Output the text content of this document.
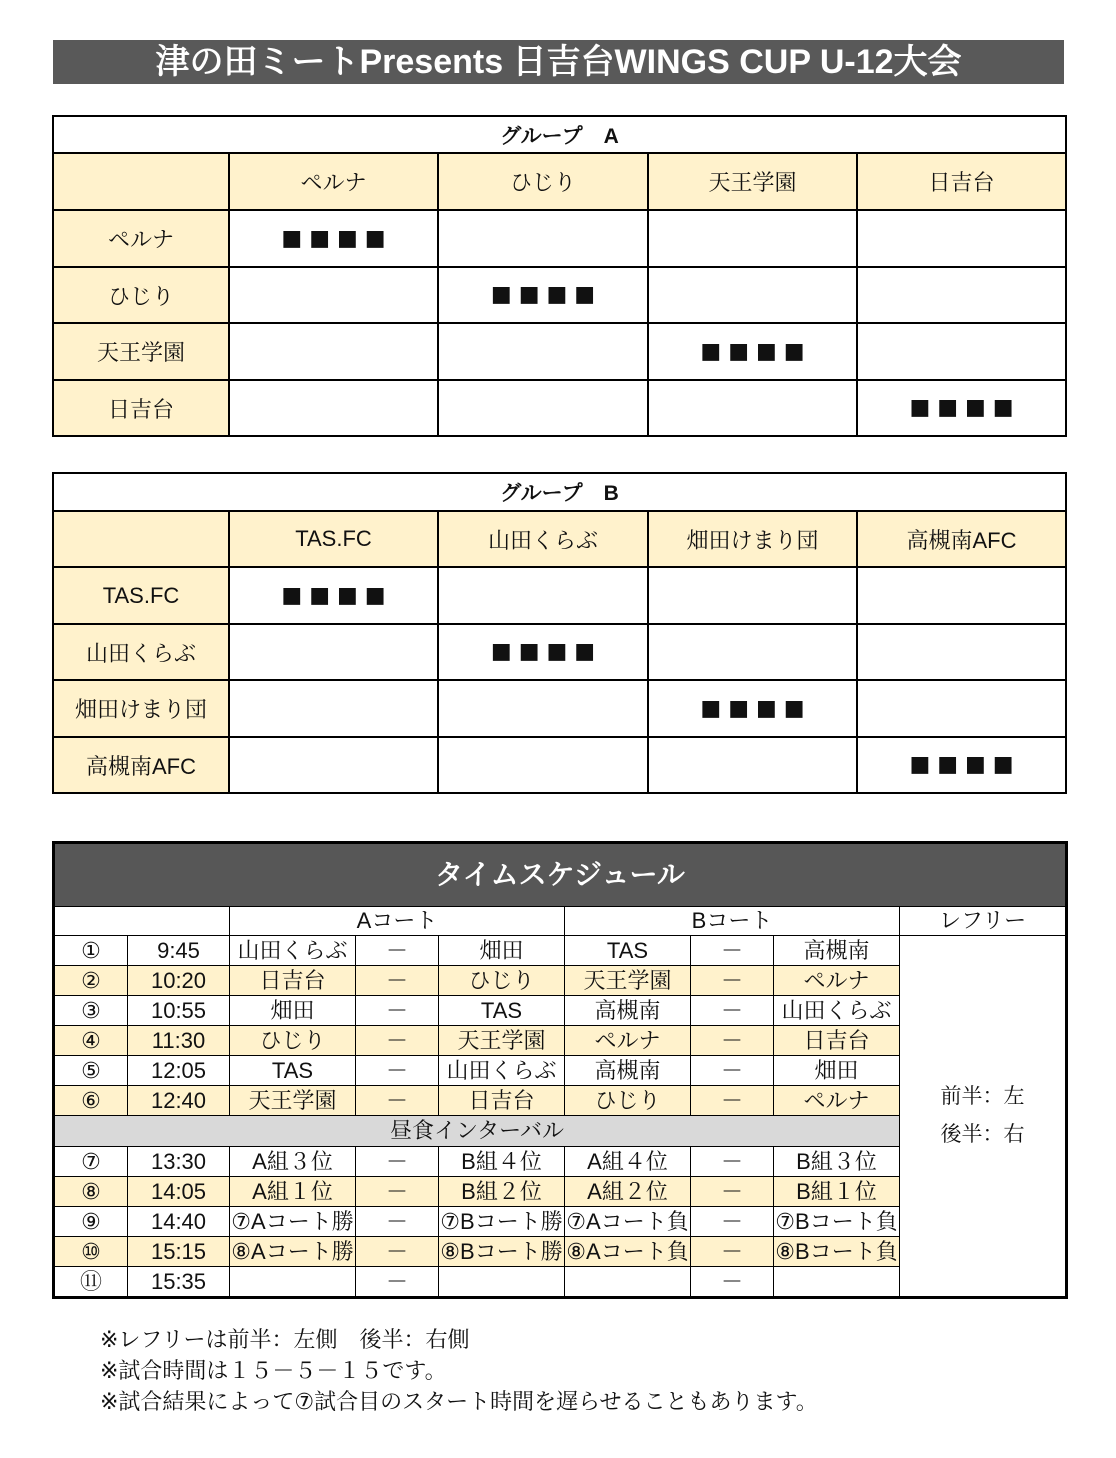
津の田ミートPresents 日吉台WINGS CUP U-12大会
グループ　A				
	ペルナ	ひじり	天王学園	日吉台
ペルナ	■■■■			
ひじり		■■■■		
天王学園			■■■■	
日吉台				■■■■
グループ　B				
	TAS.FC	山田くらぶ	畑田けまり団	高槻南AFC
TAS.FC	■■■■			
山田くらぶ		■■■■		
畑田けまり団			■■■■	
高槻南AFC				■■■■
タイムスケジュール								
		Aコート			Bコート			レフリー
①	9:45	山田くらぶ	－	畑田	TAS	－	高槻南	前半：左
後半：右

②	10:20	日吉台	－	ひじり	天王学園	－	ペルナ	
③	10:55	畑田	－	TAS	高槻南	－	山田くらぶ	
④	11:30	ひじり	－	天王学園	ペルナ	－	日吉台	
⑤	12:05	TAS	－	山田くらぶ	高槻南	－	畑田	
⑥	12:40	天王学園	－	日吉台	ひじり	－	ペルナ	
昼食インターバル								
⑦	13:30	A組３位	－	B組４位	A組４位	－	B組３位	
⑧	14:05	A組１位	－	B組２位	A組２位	－	B組１位	
⑨	14:40	⑦Aコート勝	－	⑦Bコート勝	⑦Aコート負	－	⑦Bコート負	
⑩	15:15	⑧Aコート勝	－	⑧Bコート勝	⑧Aコート負	－	⑧Bコート負	
⑪	15:35		－			－		
※レフリーは前半：左側　後半：右側
※試合時間は１５－５－１５です。
※試合結果によって⑦試合目のスタート時間を遅らせることもあります。
